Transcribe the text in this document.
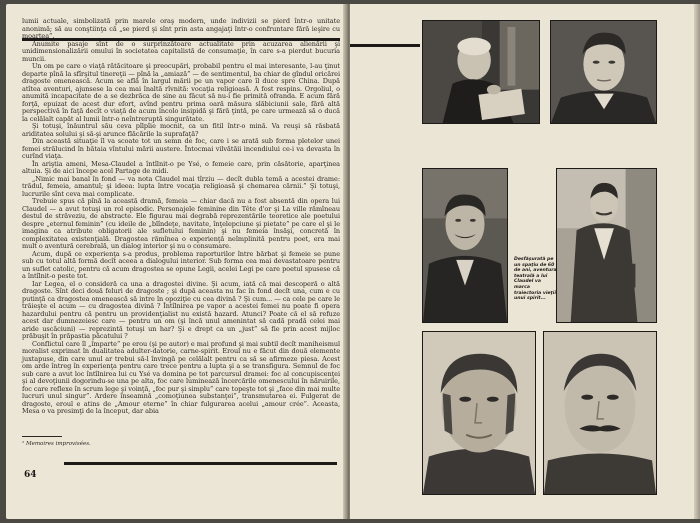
lumii actuale, simbolizată prin marele oraş modern, unde indivizii se pierd într-o unitate anonimă; să au conştiinţa că „se pierd şi sînt prin asta angajaţi într-o confruntare fără ieşire cu moartea”.

Anumite pasaje sînt de o surprinzătoare actualitate prin acuzarea alienării şi unidimensionalizării omului în societatea capitalistă de consumaţie, în care s-a pierdut bucuria muncii.

Un om pe care o viaţă rătăcitoare şi preocupări, probabil pentru el mai interesante, l-au ţinut departe pînă la sfîrşitul tinereţii — pînă la „amiază” — de sentimentul, ba chiar de gîndul oricărei dragoste omenească. Acum se află în largul mării pe un vapor care îl duce spre China. După atîtea aventuri, ajunsese la cea mai înaltă rîvnită: vocaţia religioasă. A fost respins. Orgoliul, o anumită incapacitate de a se dezbrăca de sine au făcut să nu-i fie primită ofranda. E acum fără forţă, epuizat de acest dur efort, avînd pentru prima oară măsura slăbiciunii sale, fără altă perspectivă în faţă decît o viaţă de acum încolo insipidă şi fără ţintă, pe care urmează să o ducă la celălalt capăt al lumii într-o neîntreruptă singurătate.

Şi totuşi, înăuntrul său ceva pîlpîie mocnit, ca un fitil într-o mină. Va reuşi să răsbată ariditatea solului şi să-şi aruncе flăcările la suprafaţă?

Din această situaţie îl va scoate tot un semn de foc, care i se arată sub forma pletelor unei femei strălucind în bătaia vîntului mării austere. Întocmai vilvătăii incendiului ce-i va devasta în curînd viaţa.

În ariştia ameni, Mesa-Claudel a întîlnit-o pe Ysé, o femeie care, prin căsătorie, aparţinea altuia. Şi de aici începe acel Partage de midi.

„Nimic mai banal în fond — va nota Claudel mai tîrziu — decît dubla temă a acestei drame: trădul, femeia, amantul; şi ideea: lupta între vocaţia religioasă şi chemarea cărnii.” Şi totuşi, lucrurile sînt ceva mai complicate.

Trebuie spus că pînă la această dramă, femeia — chiar dacă nu a fost absentă din opera lui Claudel — a avut totuşi un rol episodic. Personajele feminine din Tête d'or şi La ville rămîneau destul de străveziu, de abstracte. Ele figurau mai degrabă reprezentările teoretice ale poetului despre „eternul feminin” (cu ideile de „blîndeţe, navitate, înţelepciune şi pietate” pe care el şi le imagina ca atribute obligatorii ale sufletului feminin) şi nu femeia însăşi, concretă în complexitatea existenţială. Dragostea rămînea o experienţă neîmplinită pentru poet, era mai mult o aventură cerebrală, un dialog interior şi nu o consumare.

Acum, după ce experienţa s-a produs, problema raporturilor între bărbat şi femeie se pune sub cu totul altă formă decît aceea a dialogului interior. Sub forma cea mai devastatoare pentru un suflet catolic, pentru că acum dragostea se opune Legii, acelei Legi pe care poetul spusese că a întîlnit-o peste tot.

Iar Legea, el o consideră ca una a dragostei divine. Şi acum, iată că mai descoperă o altă dragoste. Sînt deci două feluri de dragoste ; şi după aceasta nu fac în fond decît una, cum e cu putinţă ca dragostea omenească să intre în opoziţie cu cea divină ? Şi cum... — ca cele pe care le trăieşte el acum — cu dragostea divină ? Întîlnirea pe vapor a acestei femei nu poate fi opera hazardului pentru că pentru un providenţialist nu există hazard. Atunci? Poate că el să refuze acest dar dumnezeiesc care — pentru un om (şi încă unul amenintat să cadă pradă celei mai aride uscăciuni) — reprezintă totuşi un har? Şi e drept ca un „just” să fie prin acest mijloc prăbuşit în prăpastia păcatului ?

Conflictul care îl „împarte” pe erou (şi pe autor) e mai profund şi mai subtil decît maniheismul moralist exprimat în dualitatea adulter-datorie, carne-spirit. Eroul nu e făcut din două elemente juxtapuse, din care unul ar trebui să-l învingă pe celălalt pentru ca să se afirmeze piesa. Acest om arde întreg în experienţa pentru care trece pentru a lupta şi a se transfigura. Semnul de foc sub care a avut loc întîlnirea lui cu Ysé va domina pe tot parcursul dramei: foc al concupiscenţei şi al devoţiunii dogorindu-se una pe alta, foc care luminează încercările omenescului în năruirile, foc care reflexe în scrum lege şi voinţă, „foc pur şi simplu” care topeşte tot şi „face din mai multe lucruri unul singur”. Ardere înseamnă „comoţiunea substanţei”, transmutarea ei. Fulgerat de dragoste, eroul e atins de „Amour eterne” în chiar fulgurarea acelui „amour crée”. Aceasta, Mesa o va presimţi de la început, dar abia

¹ Memoires improvisées.
64
Desfăşurată pe un spaţiu de 60 de ani, aventura teatrală a lui Claudel va marca traiectoria vieţii unui spirit...
